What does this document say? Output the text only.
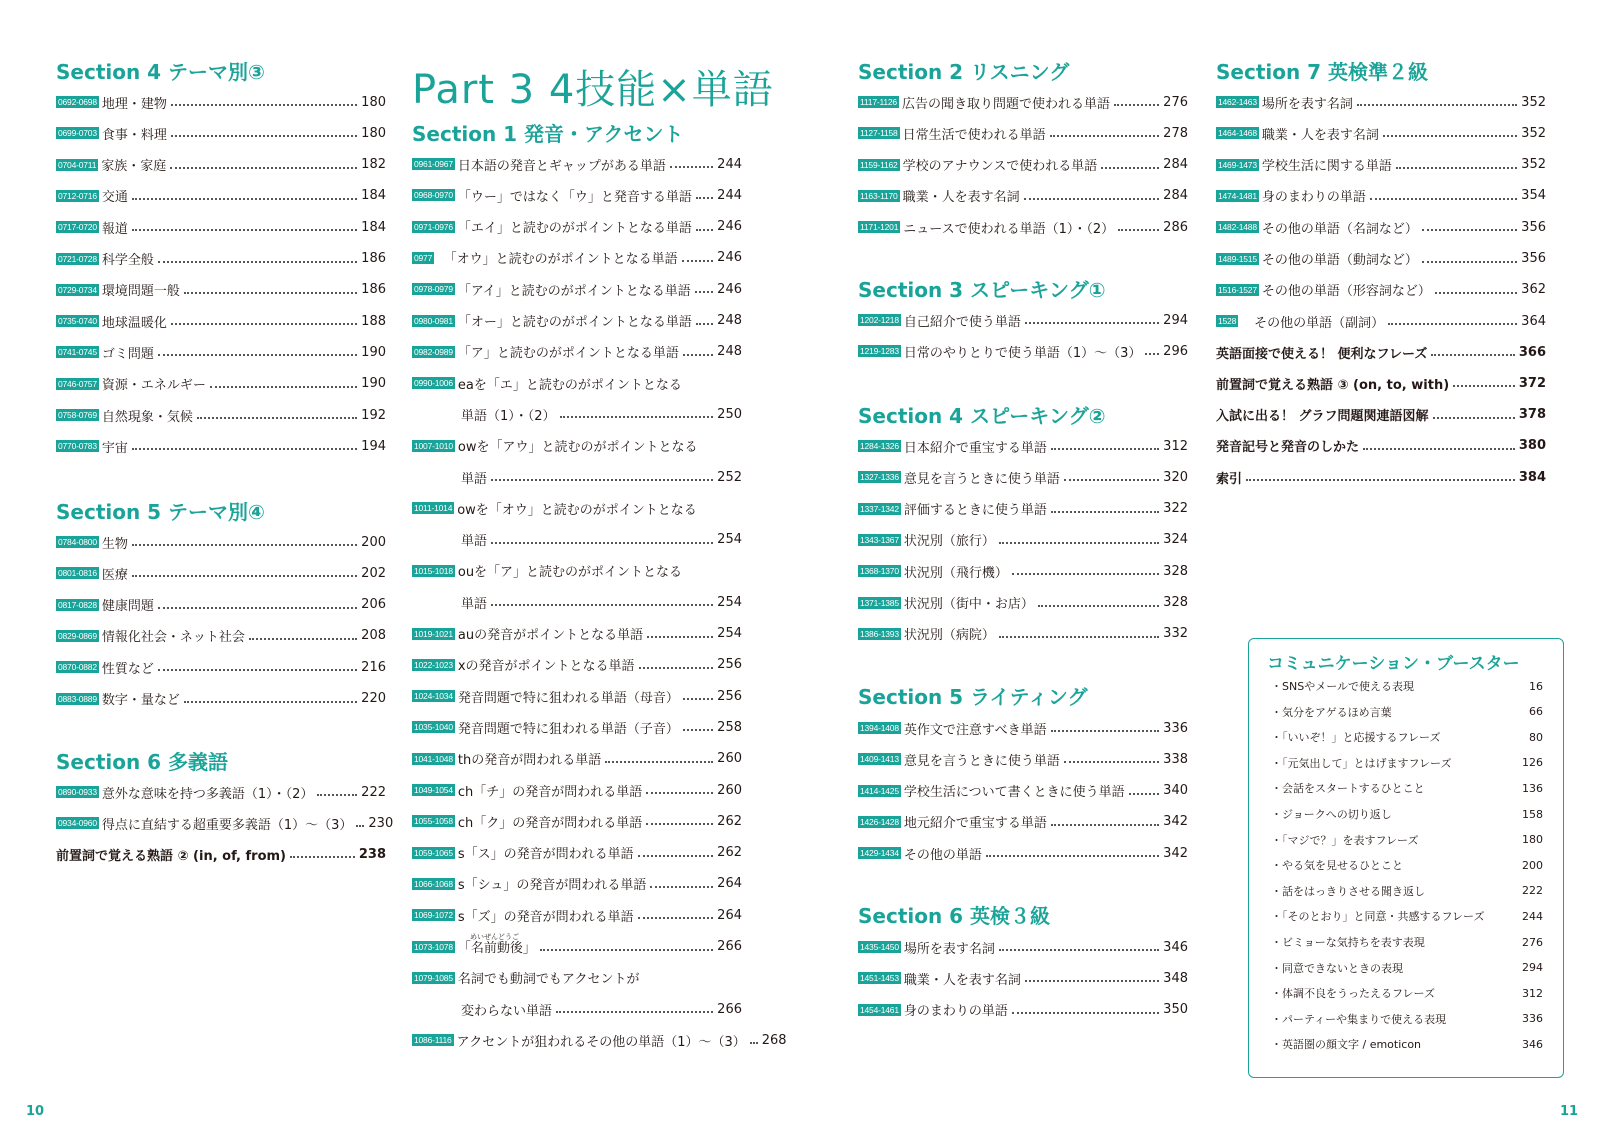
Section 4 テーマ別③
0692-0698 地理・建物	180
0699-0703 食事・料理	180
0704-0711 家族・家庭	182
0712-0716 交通	184
0717-0720 報道	184
0721-0728 科学全般	186
0729-0734 環境問題一般	186
0735-0740 地球温暖化	188
0741-0745 ゴミ問題	190
0746-0757 資源・エネルギー	190
0758-0769 自然現象・気候	192
0770-0783 宇宙	194
Section 5 テーマ別④
0784-0800 生物	200
0801-0816 医療	202
0817-0828 健康問題	206
0829-0869 情報化社会・ネット社会	208
0870-0882 性質など	216
0883-0889 数字・量など	220
Section 6 多義語
0890-0933 意外な意味を持つ多義語（1）・（2）	222
0934-0960 得点に直結する超重要多義語（1）〜（3） 230
前置詞で覚える熟語 ② (in, of, from)	238
Part 3 4技能×単語
Section 1 発音・アクセント
0961-0967 日本語の発音とギャップがある単語	244
0968-0970 「ウー」ではなく「ウ」と発音する単語 244
0971-0976 「エイ」と読むのがポイントとなる単語 246
0977 　「オウ」と読むのがポイントとなる単語	246
0978-0979 「アイ」と読むのがポイントとなる単語 246
0980-0981 「オー」と読むのがポイントとなる単語 248
0982-0989 「ア」と読むのがポイントとなる単語	248
0990-1006 eaを「エ」と読むのがポイントとなる
単語（1）・（2）	250
1007-1010 owを「アウ」と読むのがポイントとなる
単語	252
1011-1014 owを「オウ」と読むのがポイントとなる
単語	254
1015-1018 ouを「ア」と読むのがポイントとなる
単語	254
1019-1021 auの発音がポイントとなる単語	254
1022-1023 xの発音がポイントとなる単語	256
1024-1034 発音問題で特に狙われる単語（母音）	256
1035-1040 発音問題で特に狙われる単語（子音）	258
1041-1048 thの発音が問われる単語	260
1049-1054 ch「チ」の発音が問われる単語	260
1055-1058 ch「ク」の発音が問われる単語	262
1059-1065 s「ス」の発音が問われる単語	262
1066-1068 s「シュ」の発音が問われる単語	264
1069-1072 s「ズ」の発音が問われる単語	264
1073-1078 「名前動後」	266
1079-1085 名詞でも動詞でもアクセントが
変わらない単語	266
1086-1116 アクセントが狙われるその他の単語（1）〜（3） 268
めいぜんどうご
Section 2 リスニング
1117-1126 広告の聞き取り問題で使われる単語	276
1127-1158 日常生活で使われる単語	278
1159-1162 学校のアナウンスで使われる単語	284
1163-1170 職業・人を表す名詞	284
1171-1201 ニュースで使われる単語（1）・（2）	286
Section 3 スピーキング①
1202-1218 自己紹介で使う単語	294
1219-1283 日常のやりとりで使う単語（1）〜（3） 296
Section 4 スピーキング②
1284-1326 日本紹介で重宝する単語	312
1327-1336 意見を言うときに使う単語	320
1337-1342 評価するときに使う単語	322
1343-1367 状況別（旅行）	324
1368-1370 状況別（飛行機）	328
1371-1385 状況別（街中・お店）	328
1386-1393 状況別（病院）	332
Section 5 ライティング
1394-1408 英作文で注意すべき単語	336
1409-1413 意見を言うときに使う単語	338
1414-1425 学校生活について書くときに使う単語	340
1426-1428 地元紹介で重宝する単語	342
1429-1434 その他の単語	342
Section 6 英検３級
1435-1450 場所を表す名詞	346
1451-1453 職業・人を表す名詞	348
1454-1461 身のまわりの単語	350
Section 7 英検準２級
1462-1463 場所を表す名詞	352
1464-1468 職業・人を表す名詞	352
1469-1473 学校生活に関する単語	352
1474-1481 身のまわりの単語	354
1482-1488 その他の単語（名詞など）	356
1489-1515 その他の単語（動詞など）	356
1516-1527 その他の単語（形容詞など）	362
1528 　その他の単語（副詞）	364
英語面接で使える！ 便利なフレーズ	366
前置詞で覚える熟語 ③ (on, to, with)	372
入試に出る！ グラフ問題関連語図解	378
発音記号と発音のしかた	380
索引	384
コミュニケーション・ブースター
・SNSやメールで使える表現	16
・気分をアゲるほめ言葉	66
・「いいぞ！」と応援するフレーズ	80
・「元気出して」とはげますフレーズ	126
・会話をスタートするひとこと	136
・ジョークへの切り返し	158
・「マジで？」を表すフレーズ	180
・やる気を見せるひとこと	200
・話をはっきりさせる聞き返し	222
・「そのとおり」と同意・共感するフレーズ	244
・ビミョーな気持ちを表す表現	276
・同意できないときの表現	294
・体調不良をうったえるフレーズ	312
・パーティーや集まりで使える表現	336
・英語圏の顔文字 / emoticon	346
10	11
